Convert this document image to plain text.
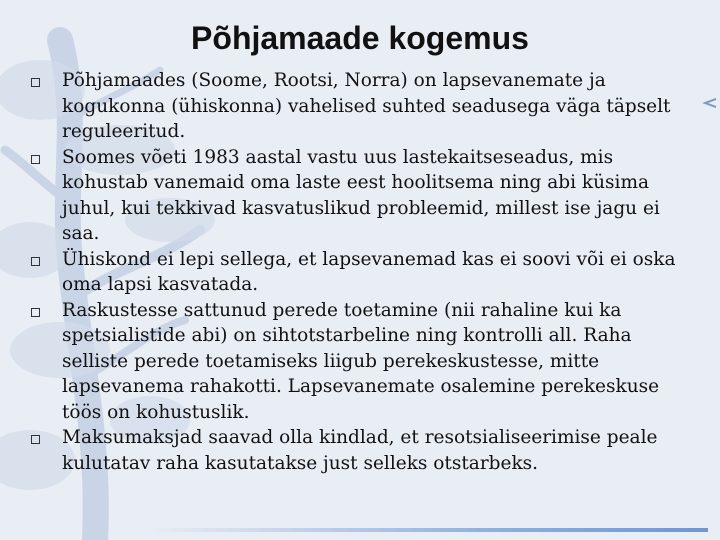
Põhjamaade kogemus
Põhjamaades (Soome, Rootsi, Norra) on lapsevanemate ja kogukonna (ühiskonna) vahelised suhted seadusega väga täpselt reguleeritud.
Soomes võeti 1983 aastal vastu uus lastekaitseseadus, mis kohustab vanemaid oma laste eest hoolitsema ning abi küsima juhul, kui tekkivad kasvatuslikud probleemid, millest ise jagu ei saa.
Ühiskond ei lepi sellega, et lapsevanemad kas ei soovi või ei oska oma lapsi kasvatada.
Raskustesse sattunud perede toetamine (nii rahaline kui ka spetsialistide abi) on sihtotstarbeline ning kontrolli all. Raha selliste perede toetamiseks liigub perekeskustesse, mitte lapsevanema rahakotti. Lapsevanemate osalemine perekeskuse töös on kohustuslik.
Maksumaksjad saavad olla kindlad, et resotsialiseerimise peale kulutatav raha kasutatakse just selleks otstarbeks.
